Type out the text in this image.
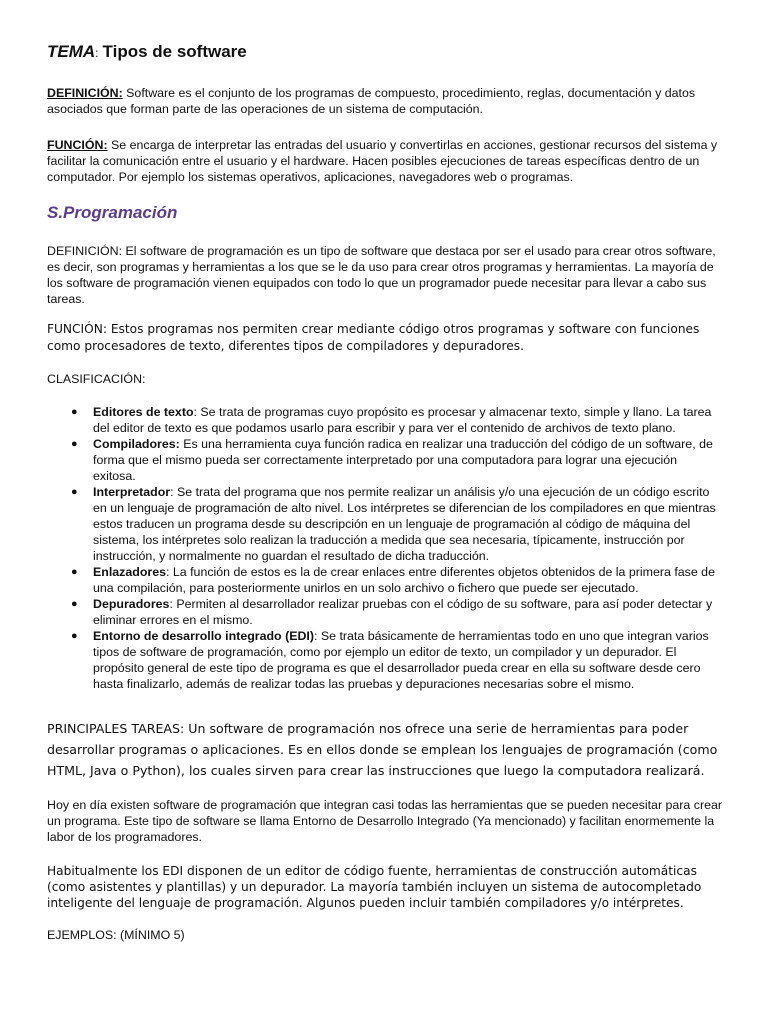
TEMA: Tipos de software

DEFINICIÓN: Software es el conjunto de los programas de compuesto, procedimiento, reglas, documentación y datos asociados que forman parte de las operaciones de un sistema de computación.

FUNCIÓN: Se encarga de interpretar las entradas del usuario y convertirlas en acciones, gestionar recursos del sistema y facilitar la comunicación entre el usuario y el hardware. Hacen posibles ejecuciones de tareas específicas dentro de un computador. Por ejemplo los sistemas operativos, aplicaciones, navegadores web o programas.

S.Programación

DEFINICIÓN: El software de programación es un tipo de software que destaca por ser el usado para crear otros software, es decir, son programas y herramientas a los que se le da uso para crear otros programas y herramientas. La mayoría de los software de programación vienen equipados con todo lo que un programador puede necesitar para llevar a cabo sus tareas.

FUNCIÓN: Estos programas nos permiten crear mediante código otros programas y software con funciones como procesadores de texto, diferentes tipos de compiladores y depuradores.

CLASIFICACIÓN:

● Editores de texto: Se trata de programas cuyo propósito es procesar y almacenar texto, simple y llano. La tarea del editor de texto es que podamos usarlo para escribir y para ver el contenido de archivos de texto plano.
● Compiladores: Es una herramienta cuya función radica en realizar una traducción del código de un software, de forma que el mismo pueda ser correctamente interpretado por una computadora para lograr una ejecución exitosa.
● Interpretador: Se trata del programa que nos permite realizar un análisis y/o una ejecución de un código escrito en un lenguaje de programación de alto nivel. Los intérpretes se diferencian de los compiladores en que mientras estos traducen un programa desde su descripción en un lenguaje de programación al código de máquina del sistema, los intérpretes solo realizan la traducción a medida que sea necesaria, típicamente, instrucción por instrucción, y normalmente no guardan el resultado de dicha traducción.
● Enlazadores: La función de estos es la de crear enlaces entre diferentes objetos obtenidos de la primera fase de una compilación, para posteriormente unirlos en un solo archivo o fichero que puede ser ejecutado.
● Depuradores: Permiten al desarrollador realizar pruebas con el código de su software, para así poder detectar y eliminar errores en el mismo.
● Entorno de desarrollo integrado (EDI): Se trata básicamente de herramientas todo en uno que integran varios tipos de software de programación, como por ejemplo un editor de texto, un compilador y un depurador. El propósito general de este tipo de programa es que el desarrollador pueda crear en ella su software desde cero hasta finalizarlo, además de realizar todas las pruebas y depuraciones necesarias sobre el mismo.

PRINCIPALES TAREAS: Un software de programación nos ofrece una serie de herramientas para poder desarrollar programas o aplicaciones. Es en ellos donde se emplean los lenguajes de programación (como HTML, Java o Python), los cuales sirven para crear las instrucciones que luego la computadora realizará.

Hoy en día existen software de programación que integran casi todas las herramientas que se pueden necesitar para crear un programa. Este tipo de software se llama Entorno de Desarrollo Integrado (Ya mencionado) y facilitan enormemente la labor de los programadores.

Habitualmente los EDI disponen de un editor de código fuente, herramientas de construcción automáticas (como asistentes y plantillas) y un depurador. La mayoría también incluyen un sistema de autocompletado inteligente del lenguaje de programación. Algunos pueden incluir también compiladores y/o intérpretes.

EJEMPLOS: (MÍNIMO 5)
